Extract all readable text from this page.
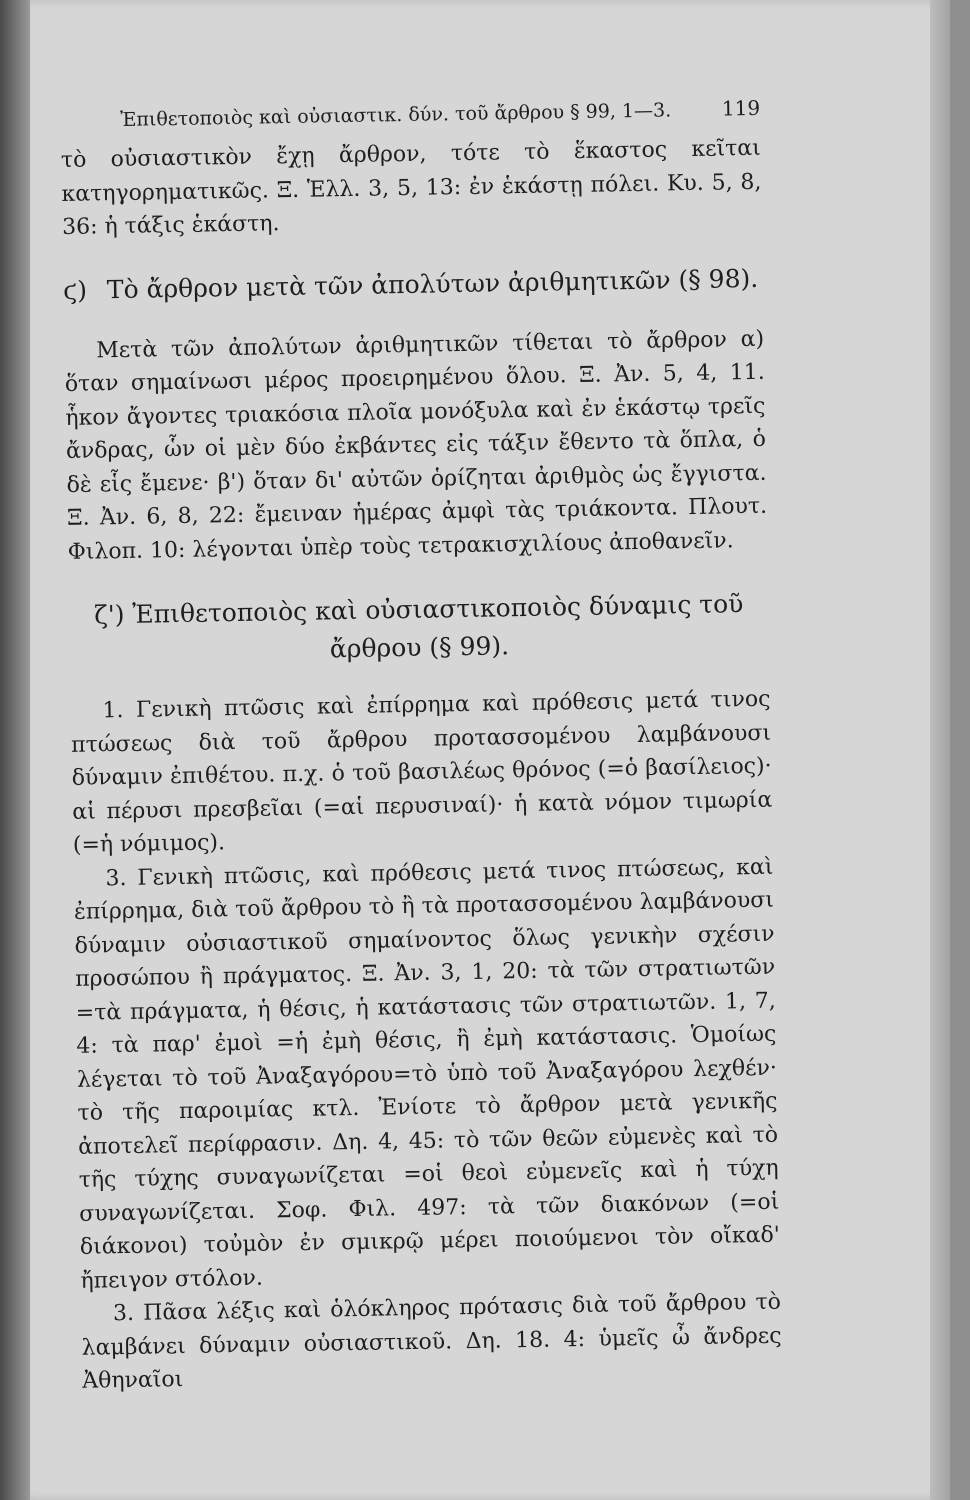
Ἐπιθετοποιὸς καὶ οὐσιαστικ. δύν. τοῦ ἄρθρου § 99, 1—3.	119

τὸ οὐσιαστικὸν ἔχῃ ἄρθρον, τότε τὸ ἕκαστος κεῖται κατηγορηματικῶς. Ξ. Ἑλλ. 3, 5, 13: ἐν ἑκάστῃ πόλει. Κυ. 5, 8, 36: ἡ τάξις ἑκάστη.

ϛ) Τὸ ἄρθρον μετὰ τῶν ἀπολύτων ἀριθμητικῶν (§ 98).

Μετὰ τῶν ἀπολύτων ἀριθμητικῶν τίθεται τὸ ἄρθρον α) ὅταν σημαίνωσι μέρος προειρημένου ὅλου. Ξ. Ἀν. 5, 4, 11. ἧκον ἄγοντες τριακόσια πλοῖα μονόξυλα καὶ ἐν ἑκάστῳ τρεῖς ἄνδρας, ὧν οἱ μὲν δύο ἐκβάντες εἰς τάξιν ἔθεντο τὰ ὅπλα, ὁ δὲ εἷς ἔμενε· β') ὅταν δι' αὐτῶν ὁρίζηται ἀριθμὸς ὡς ἔγγιστα. Ξ. Ἀν. 6, 8, 22: ἔμειναν ἡμέρας ἀμφὶ τὰς τριάκοντα. Πλουτ. Φιλοπ. 10: λέγονται ὑπὲρ τοὺς τετρακισχιλίους ἀποθανεῖν.

ζ') Ἐπιθετοποιὸς καὶ οὐσιαστικοποιὸς δύναμις τοῦ
ἄρθρου (§ 99).

1. Γενικὴ πτῶσις καὶ ἐπίρρημα καὶ πρόθεσις μετά τινος πτώσεως διὰ τοῦ ἄρθρου προτασσομένου λαμβάνουσι δύναμιν ἐπιθέτου. π.χ. ὁ τοῦ βασιλέως θρόνος (=ὁ βασίλειος)· αἱ πέρυσι πρεσβεῖαι (=αἱ περυσιναί)· ἡ κατὰ νόμον τιμωρία (=ἡ νόμιμος).

3. Γενικὴ πτῶσις, καὶ πρόθεσις μετά τινος πτώσεως, καὶ ἐπίρρημα, διὰ τοῦ ἄρθρου τὸ ἢ τὰ προτασσομένου λαμβάνουσι δύναμιν οὐσιαστικοῦ σημαίνοντος ὅλως γενικὴν σχέσιν προσώπου ἢ πράγματος. Ξ. Ἀν. 3, 1, 20: τὰ τῶν στρατιωτῶν =τὰ πράγματα, ἡ θέσις, ἡ κατάστασις τῶν στρατιωτῶν. 1, 7, 4: τὰ παρ' ἐμοὶ =ἡ ἐμὴ θέσις, ἢ ἐμὴ κατάστασις. Ὁμοίως λέγεται τὸ τοῦ Ἀναξαγόρου=τὸ ὑπὸ τοῦ Ἀναξαγόρου λεχθέν· τὸ τῆς παροιμίας κτλ. Ἐνίοτε τὸ ἄρθρον μετὰ γενικῆς ἀποτελεῖ περίφρασιν. Δη. 4, 45: τὸ τῶν θεῶν εὐμενὲς καὶ τὸ τῆς τύχης συναγωνίζεται =οἱ θεοὶ εὐμενεῖς καὶ ἡ τύχη συναγωνίζεται. Σοφ. Φιλ. 497: τὰ τῶν διακόνων (=οἱ διάκονοι) τοὐμὸν ἐν σμικρῷ μέρει ποιούμενοι τὸν οἴκαδ' ἤπειγον στόλον.

3. Πᾶσα λέξις καὶ ὁλόκληρος πρότασις διὰ τοῦ ἄρθρου τὸ λαμβάνει δύναμιν οὐσιαστικοῦ. Δη. 18. 4: ὑμεῖς ὦ ἄνδρες Ἀθηναῖοι
